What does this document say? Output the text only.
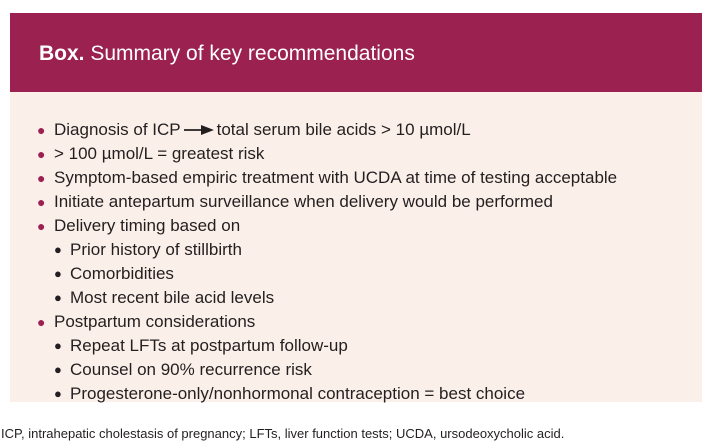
Box. Summary of key recommendations
● Diagnosis of ICP total serum bile acids > 10 µmol/L
● > 100 µmol/L = greatest risk
● Symptom-based empiric treatment with UCDA at time of testing acceptable
● Initiate antepartum surveillance when delivery would be performed
● Delivery timing based on
● Prior history of stillbirth
● Comorbidities
● Most recent bile acid levels
● Postpartum considerations
● Repeat LFTs at postpartum follow-up
● Counsel on 90% recurrence risk
● Progesterone-only/nonhormonal contraception = best choice
ICP, intrahepatic cholestasis of pregnancy; LFTs, liver function tests; UCDA, ursodeoxycholic acid.
